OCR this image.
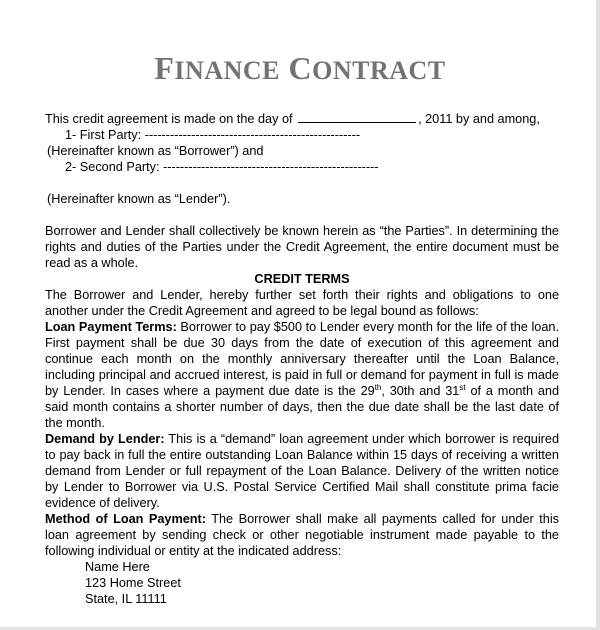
FINANCE CONTRACT

This credit agreement is made on the day of	, 2011 by and among,

1- First Party: ---------------------------------------------------

(Hereinafter known as “Borrower”) and

2- Second Party: ---------------------------------------------------

(Hereinafter known as “Lender”).

Borrower and Lender shall collectively be known herein as “the Parties”. In determining the rights and duties of the Parties under the Credit Agreement, the entire document must be read as a whole.

CREDIT TERMS

The Borrower and Lender, hereby further set forth their rights and obligations to one another under the Credit Agreement and agreed to be legal bound as follows:

Loan Payment Terms: Borrower to pay $500 to Lender every month for the life of the loan. First payment shall be due 30 days from the date of execution of this agreement and continue each month on the monthly anniversary thereafter until the Loan Balance, including principal and accrued interest, is paid in full or demand for payment in full is made by Lender. In cases where a payment due date is the 29th, 30th and 31st of a month and said month contains a shorter number of days, then the due date shall be the last date of the month.

Demand by Lender: This is a “demand” loan agreement under which borrower is required to pay back in full the entire outstanding Loan Balance within 15 days of receiving a written demand from Lender or full repayment of the Loan Balance. Delivery of the written notice by Lender to Borrower via U.S. Postal Service Certified Mail shall constitute prima facie evidence of delivery.

Method of Loan Payment: The Borrower shall make all payments called for under this loan agreement by sending check or other negotiable instrument made payable to the following individual or entity at the indicated address:

Name Here

123 Home Street

State, IL 11111
